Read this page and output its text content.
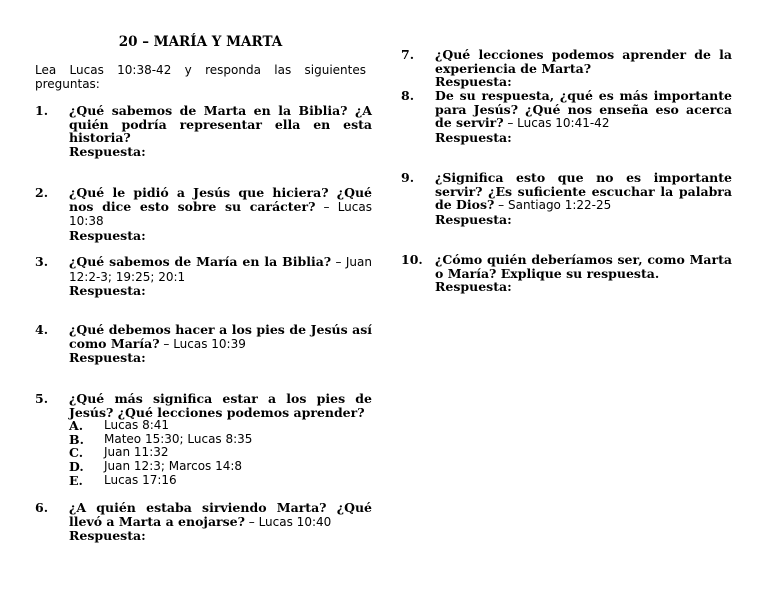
20 – MARÍA Y MARTA
Lea Lucas 10:38-42 y responda las siguientes preguntas:
1.	¿Qué sabemos de Marta en la Biblia? ¿A quién podría representar ella en esta historia?
Respuesta:
2.	¿Qué le pidió a Jesús que hiciera? ¿Qué nos dice esto sobre su carácter? – Lucas 10:38
Respuesta:
3.	¿Qué sabemos de María en la Biblia? – Juan 12:2-3; 19:25; 20:1
Respuesta:
4.	¿Qué debemos hacer a los pies de Jesús así como María? – Lucas 10:39
Respuesta:
5.	¿Qué más significa estar a los pies de Jesús? ¿Qué lecciones podemos aprender?
A.	Lucas 8:41
B.	Mateo 15:30; Lucas 8:35
C.	Juan 11:32
D.	Juan 12:3; Marcos 14:8
E.	Lucas 17:16
6.	¿A quién estaba sirviendo Marta? ¿Qué llevó a Marta a enojarse? – Lucas 10:40
Respuesta:
7.	¿Qué lecciones podemos aprender de la experiencia de Marta?
Respuesta:
8.	De su respuesta, ¿qué es más importante para Jesús? ¿Qué nos enseña eso acerca de servir? – Lucas 10:41-42
Respuesta:
9.	¿Significa esto que no es importante servir? ¿Es suficiente escuchar la palabra de Dios? – Santiago 1:22-25
Respuesta:
10. ¿Cómo quién deberíamos ser, como Marta o María? Explique su respuesta.
Respuesta:
